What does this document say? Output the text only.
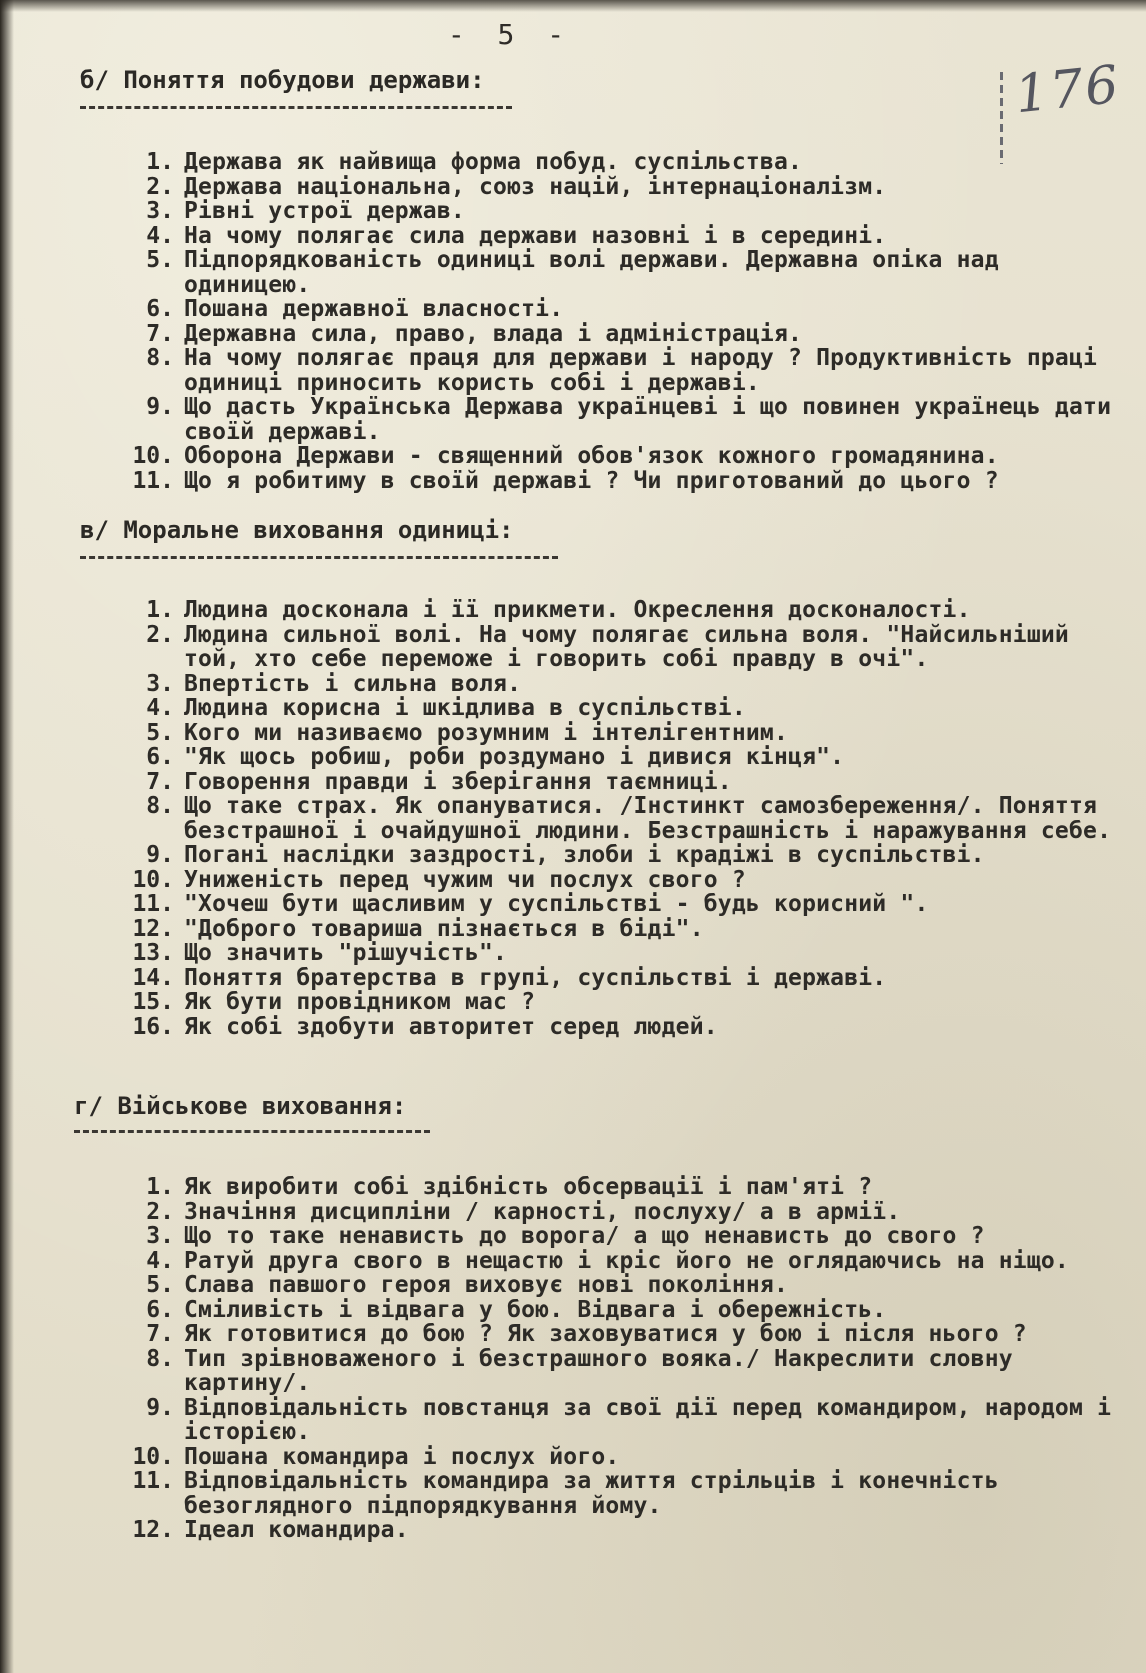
- 5 -
176
б/ Поняття побудови держави:
1. Держава як найвища форма побуд. суспільства.
2. Держава національна, союз націй, інтернаціоналізм.
3. Рівні устрої держав.
4. На чому полягає сила держави назовні і в середині.
5. Підпорядкованість одиниці волі держави. Державна опіка над одиницею.
6. Пошана державної власності.
7. Державна сила, право, влада і адміністрація.
8. На чому полягає праця для держави і народу ? Продуктивність праці одиниці приносить користь собі і державі.
9. Що дасть Українська Держава українцеві і що повинен українець дати своїй державі.
10. Оборона Держави - священний обов'язок кожного громадянина.
11. Що я робитиму в своїй державі ? Чи приготований до цього ?
в/ Моральне виховання одиниці:
1. Людина досконала і її прикмети. Окреслення досконалості.
2. Людина сильної волі. На чому полягає сильна воля. "Найсильніший той, хто себе переможе і говорить собі правду в очі".
3. Впертість і сильна воля.
4. Людина корисна і шкідлива в суспільстві.
5. Кого ми називаємо розумним і інтелігентним.
6. "Як щось робиш, роби роздумано і дивися кінця".
7. Говорення правди і зберігання таємниці.
8. Що таке страх. Як опануватися. /Інстинкт самозбереження/. Поняття безстрашної і очайдушної людини. Безстрашність і наражування себе.
9. Погані наслідки заздрості, злоби і крадіжі в суспільстві.
10. Униженість перед чужим чи послух свого ?
11. "Хочеш бути щасливим у суспільстві - будь корисний ".
12. "Доброго товариша пізнається в біді".
13. Що значить "рішучість".
14. Поняття братерства в групі, суспільстві і державі.
15. Як бути провідником мас ?
16. Як собі здобути авторитет серед людей.
г/ Військове виховання:
1. Як виробити собі здібність обсервації і пам'яті ?
2. Значіння дисципліни / карності, послуху/ а в армії.
3. Що то таке ненависть до ворога/ а що ненависть до свого ?
4. Ратуй друга свого в нещастю і кріс його не оглядаючись на ніщо.
5. Слава павшого героя виховує нові покоління.
6. Сміливість і відвага у бою. Відвага і обережність.
7. Як готовитися до бою ? Як заховуватися у бою і після нього ?
8. Тип зрівноваженого і безстрашного вояка./ Накреслити словну картину/.
9. Відповідальність повстанця за свої дії перед командиром, народом і історією.
10. Пошана командира і послух його.
11. Відповідальність командира за життя стрільців і конечність безоглядного підпорядкування йому.
12. Ідеал командира.
